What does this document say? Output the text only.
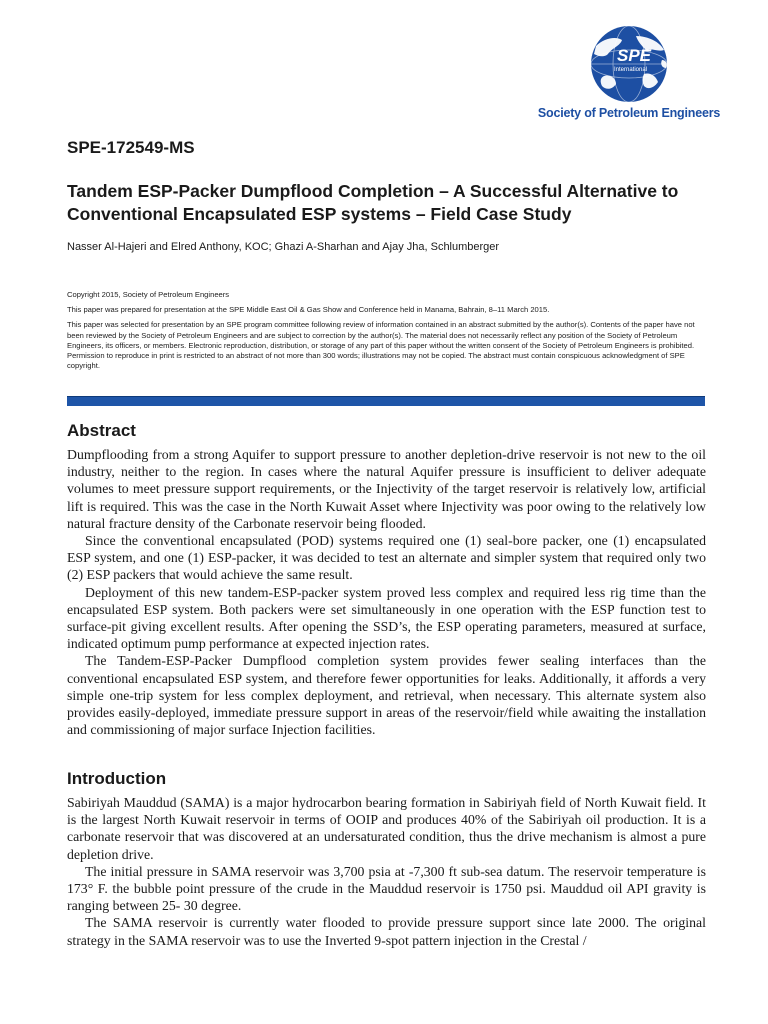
SPE
International
Society of Petroleum Engineers
SPE-172549-MS
Tandem ESP-Packer Dumpflood Completion – A Successful Alternative to Conventional Encapsulated ESP systems – Field Case Study
Nasser Al-Hajeri and Elred Anthony, KOC; Ghazi A-Sharhan and Ajay Jha, Schlumberger

Copyright 2015, Society of Petroleum Engineers

This paper was prepared for presentation at the SPE Middle East Oil & Gas Show and Conference held in Manama, Bahrain, 8–11 March 2015.

This paper was selected for presentation by an SPE program committee following review of information contained in an abstract submitted by the author(s). Contents of the paper have not been reviewed by the Society of Petroleum Engineers and are subject to correction by the author(s). The material does not necessarily reflect any position of the Society of Petroleum Engineers, its officers, or members. Electronic reproduction, distribution, or storage of any part of this paper without the written consent of the Society of Petroleum Engineers is prohibited. Permission to reproduce in print is restricted to an abstract of not more than 300 words; illustrations may not be copied. The abstract must contain conspicuous acknowledgment of SPE copyright.

Abstract

Dumpflooding from a strong Aquifer to support pressure to another depletion-drive reservoir is not new to the oil industry, neither to the region. In cases where the natural Aquifer pressure is insufficient to deliver adequate volumes to meet pressure support requirements, or the Injectivity of the target reservoir is relatively low, artificial lift is required. This was the case in the North Kuwait Asset where Injectivity was poor owing to the relatively low natural fracture density of the Carbonate reservoir being flooded.

Since the conventional encapsulated (POD) systems required one (1) seal-bore packer, one (1) encapsulated ESP system, and one (1) ESP-packer, it was decided to test an alternate and simpler system that required only two (2) ESP packers that would achieve the same result.

Deployment of this new tandem-ESP-packer system proved less complex and required less rig time than the encapsulated ESP system. Both packers were set simultaneously in one operation with the ESP function test to surface-pit giving excellent results. After opening the SSD’s, the ESP operating parameters, measured at surface, indicated optimum pump performance at expected injection rates.

The Tandem-ESP-Packer Dumpflood completion system provides fewer sealing interfaces than the conventional encapsulated ESP system, and therefore fewer opportunities for leaks. Additionally, it affords a very simple one-trip system for less complex deployment, and retrieval, when necessary. This alternate system also provides easily-deployed, immediate pressure support in areas of the reservoir/field while awaiting the installation and commissioning of major surface Injection facilities.

Introduction

Sabiriyah Mauddud (SAMA) is a major hydrocarbon bearing formation in Sabiriyah field of North Kuwait field. It is the largest North Kuwait reservoir in terms of OOIP and produces 40% of the Sabiriyah oil production. It is a carbonate reservoir that was discovered at an undersaturated condition, thus the drive mechanism is almost a pure depletion drive.

The initial pressure in SAMA reservoir was 3,700 psia at -7,300 ft sub-sea datum. The reservoir temperature is 173° F. the bubble point pressure of the crude in the Mauddud reservoir is 1750 psi. Mauddud oil API gravity is ranging between 25- 30 degree.

The SAMA reservoir is currently water flooded to provide pressure support since late 2000. The original strategy in the SAMA reservoir was to use the Inverted 9-spot pattern injection in the Crestal /
